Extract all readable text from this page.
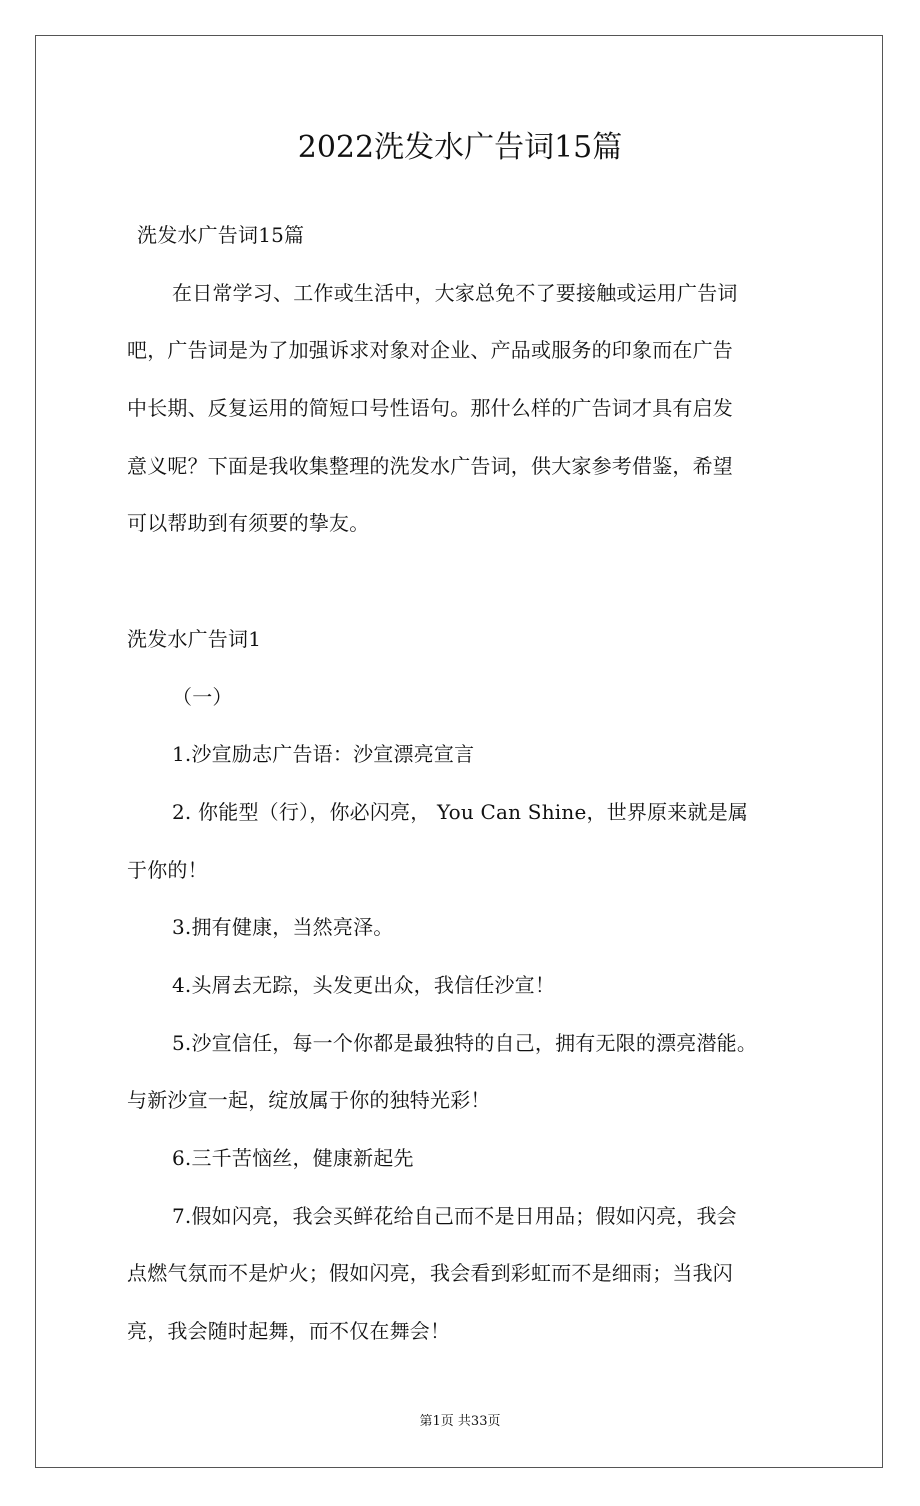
2022洗发水广告词15篇
洗发水广告词15篇
在日常学习、工作或生活中，大家总免不了要接触或运用广告词
吧，广告词是为了加强诉求对象对企业、产品或服务的印象而在广告
中长期、反复运用的简短口号性语句。那什么样的广告词才具有启发
意义呢？下面是我收集整理的洗发水广告词，供大家参考借鉴，希望
可以帮助到有须要的挚友。
洗发水广告词1
（一）
1.沙宣励志广告语：沙宣漂亮宣言
2. 你能型（行），你必闪亮， You Can Shine，世界原来就是属
于你的！
3.拥有健康，当然亮泽。
4.头屑去无踪，头发更出众，我信任沙宣！
5.沙宣信任，每一个你都是最独特的自己，拥有无限的漂亮潜能。
与新沙宣一起，绽放属于你的独特光彩！
6.三千苦恼丝，健康新起先
7.假如闪亮，我会买鲜花给自己而不是日用品；假如闪亮，我会
点燃气氛而不是炉火；假如闪亮，我会看到彩虹而不是细雨；当我闪
亮，我会随时起舞，而不仅在舞会！
第1页 共33页
